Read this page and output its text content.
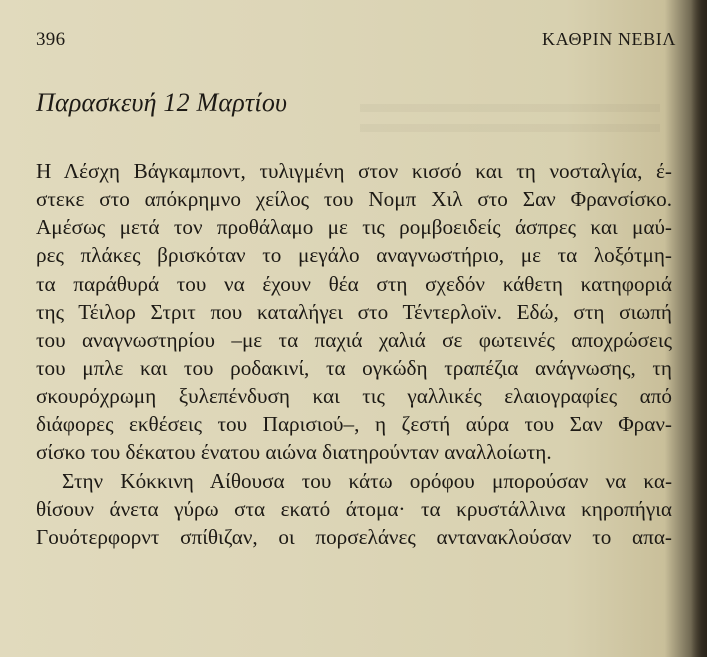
396	ΚΑΘΡΙΝ ΝΕΒΙΛ
Παρασκευή 12 Μαρτίου
Η Λέσχη Βάγκαμποντ, τυλιγμένη στον κισσό και τη νοσταλγία, έ-
στεκε στο απόκρημνο χείλος του Νομπ Χιλ στο Σαν Φρανσίσκο.
Αμέσως μετά τον προθάλαμο με τις ρομβοειδείς άσπρες και μαύ-
ρες πλάκες βρισκόταν το μεγάλο αναγνωστήριο, με τα λοξότμη-
τα παράθυρά του να έχουν θέα στη σχεδόν κάθετη κατηφοριά
της Τέιλορ Στριτ που καταλήγει στο Τέντερλοϊν. Εδώ, στη σιωπή
του αναγνωστηρίου –με τα παχιά χαλιά σε φωτεινές αποχρώσεις
του μπλε και του ροδακινί, τα ογκώδη τραπέζια ανάγνωσης, τη
σκουρόχρωμη ξυλεπένδυση και τις γαλλικές ελαιογραφίες από
διάφορες εκθέσεις του Παρισιού–, η ζεστή αύρα του Σαν Φραν-
σίσκο του δέκατου ένατου αιώνα διατηρούνταν αναλλοίωτη.
Στην Κόκκινη Αίθουσα του κάτω ορόφου μπορούσαν να κα-
θίσουν άνετα γύρω στα εκατό άτομα· τα κρυστάλλινα κηροπήγια
Γουότερφορντ σπίθιζαν, οι πορσελάνες αντανακλούσαν το απα-
